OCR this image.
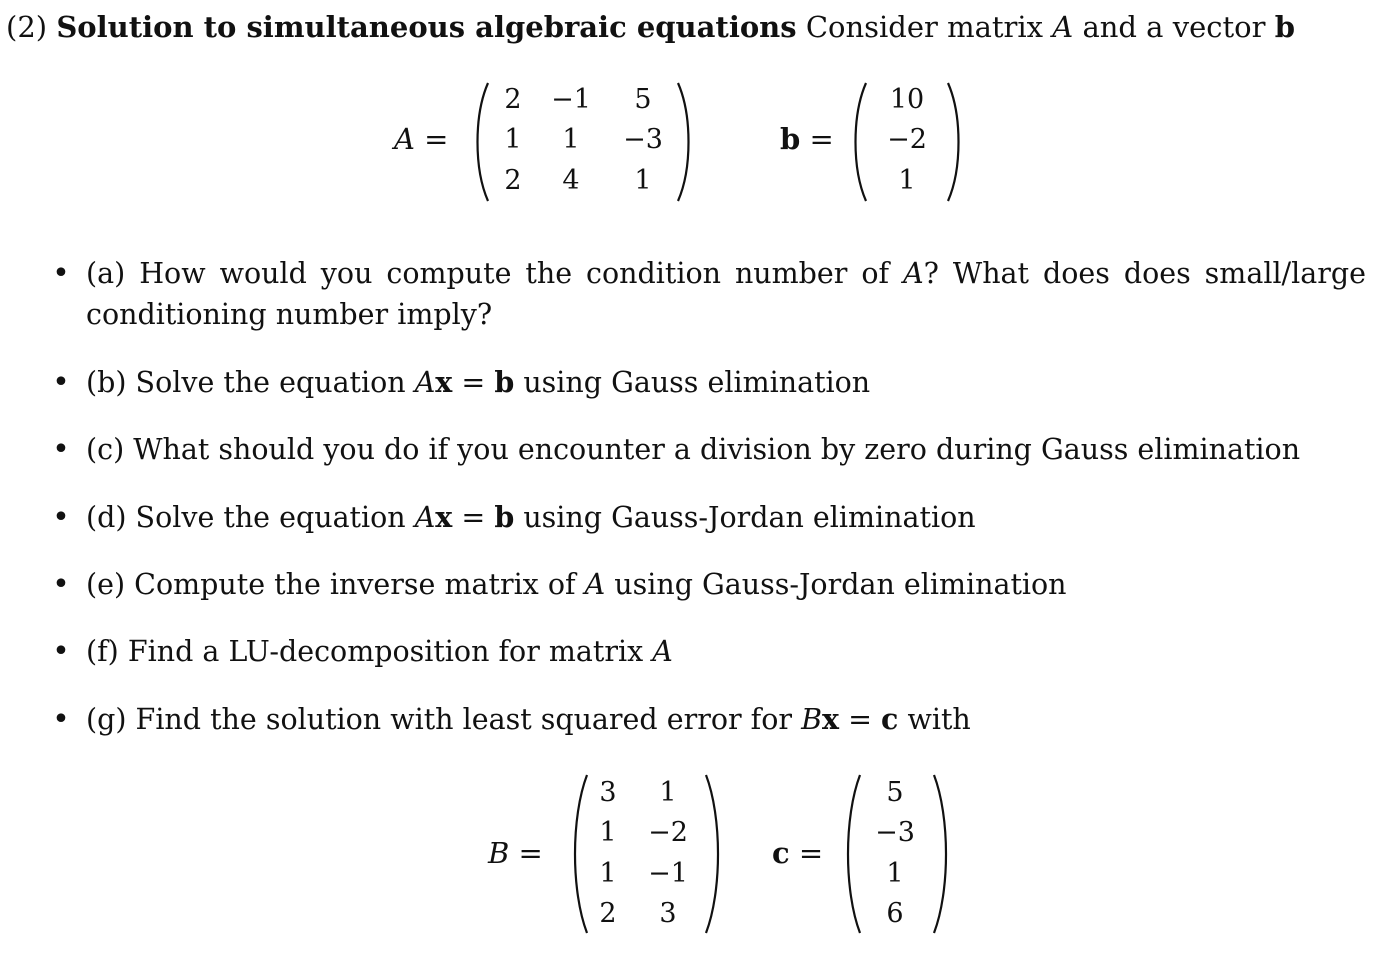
(2) Solution to simultaneous algebraic equations Consider matrix A and a vector b
A =
2	−1	5
1	1	−3
2	4	1
b =
10
−2
1
• (a) How would you compute the condition number of A? What does does small/large conditioning number imply?
• (b) Solve the equation Ax = b using Gauss elimination
• (c) What should you do if you encounter a division by zero during Gauss elimination
• (d) Solve the equation Ax = b using Gauss-Jordan elimination
• (e) Compute the inverse matrix of A using Gauss-Jordan elimination
• (f) Find a LU-decomposition for matrix A
• (g) Find the solution with least squared error for Bx = c with
B =
3	1
1	−2
1	−1
2	3
c =
5
−3
1
6
